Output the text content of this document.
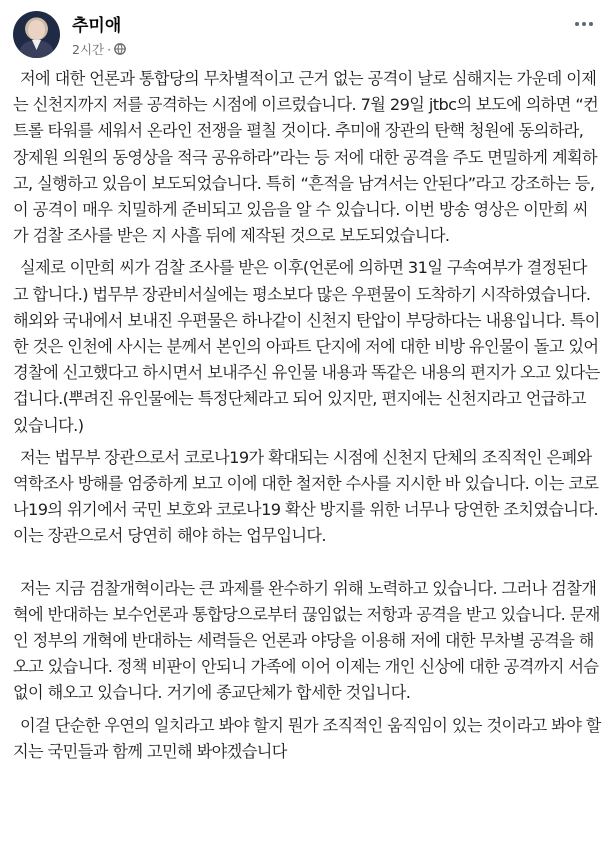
추미애
2시간 ·

저에 대한 언론과 통합당의 무차별적이고 근거 없는 공격이 날로 심해지는 가운데 이제는 신천지까지 저를 공격하는 시점에 이르렀습니다. 7월 29일 jtbc의 보도에 의하면 “컨트롤 타워를 세워서 온라인 전쟁을 펼칠 것이다. 추미애 장관의 탄핵 청원에 동의하라, 장제원 의원의 동영상을 적극 공유하라”라는 등 저에 대한 공격을 주도 면밀하게 계획하고, 실행하고 있음이 보도되었습니다. 특히 “흔적을 남겨서는 안된다”라고 강조하는 등, 이 공격이 매우 치밀하게 준비되고 있음을 알 수 있습니다. 이번 방송 영상은 이만희 씨가 검찰 조사를 받은 지 사흘 뒤에 제작된 것으로 보도되었습니다.

실제로 이만희 씨가 검찰 조사를 받은 이후(언론에 의하면 31일 구속여부가 결정된다고 합니다.) 법무부 장관비서실에는 평소보다 많은 우편물이 도착하기 시작하였습니다. 해외와 국내에서 보내진 우편물은 하나같이 신천지 탄압이 부당하다는 내용입니다. 특이한 것은 인천에 사시는 분께서 본인의 아파트 단지에 저에 대한 비방 유인물이 돌고 있어 경찰에 신고했다고 하시면서 보내주신 유인물 내용과 똑같은 내용의 편지가 오고 있다는 겁니다.(뿌려진 유인물에는 특정단체라고 되어 있지만, 편지에는 신천지라고 언급하고 있습니다.)

저는 법무부 장관으로서 코로나19가 확대되는 시점에 신천지 단체의 조직적인 은폐와 역학조사 방해를 엄중하게 보고 이에 대한 철저한 수사를 지시한 바 있습니다. 이는 코로나19의 위기에서 국민 보호와 코로나19 확산 방지를 위한 너무나 당연한 조치였습니다. 이는 장관으로서 당연히 해야 하는 업무입니다.

저는 지금 검찰개혁이라는 큰 과제를 완수하기 위해 노력하고 있습니다. 그러나 검찰개혁에 반대하는 보수언론과 통합당으로부터 끊임없는 저항과 공격을 받고 있습니다. 문재인 정부의 개혁에 반대하는 세력들은 언론과 야당을 이용해 저에 대한 무차별 공격을 해오고 있습니다. 정책 비판이 안되니 가족에 이어 이제는 개인 신상에 대한 공격까지 서슴없이 해오고 있습니다. 거기에 종교단체가 합세한 것입니다.

이걸 단순한 우연의 일치라고 봐야 할지 뭔가 조직적인 움직임이 있는 것이라고 봐야 할지는 국민들과 함께 고민해 봐야겠습니다
